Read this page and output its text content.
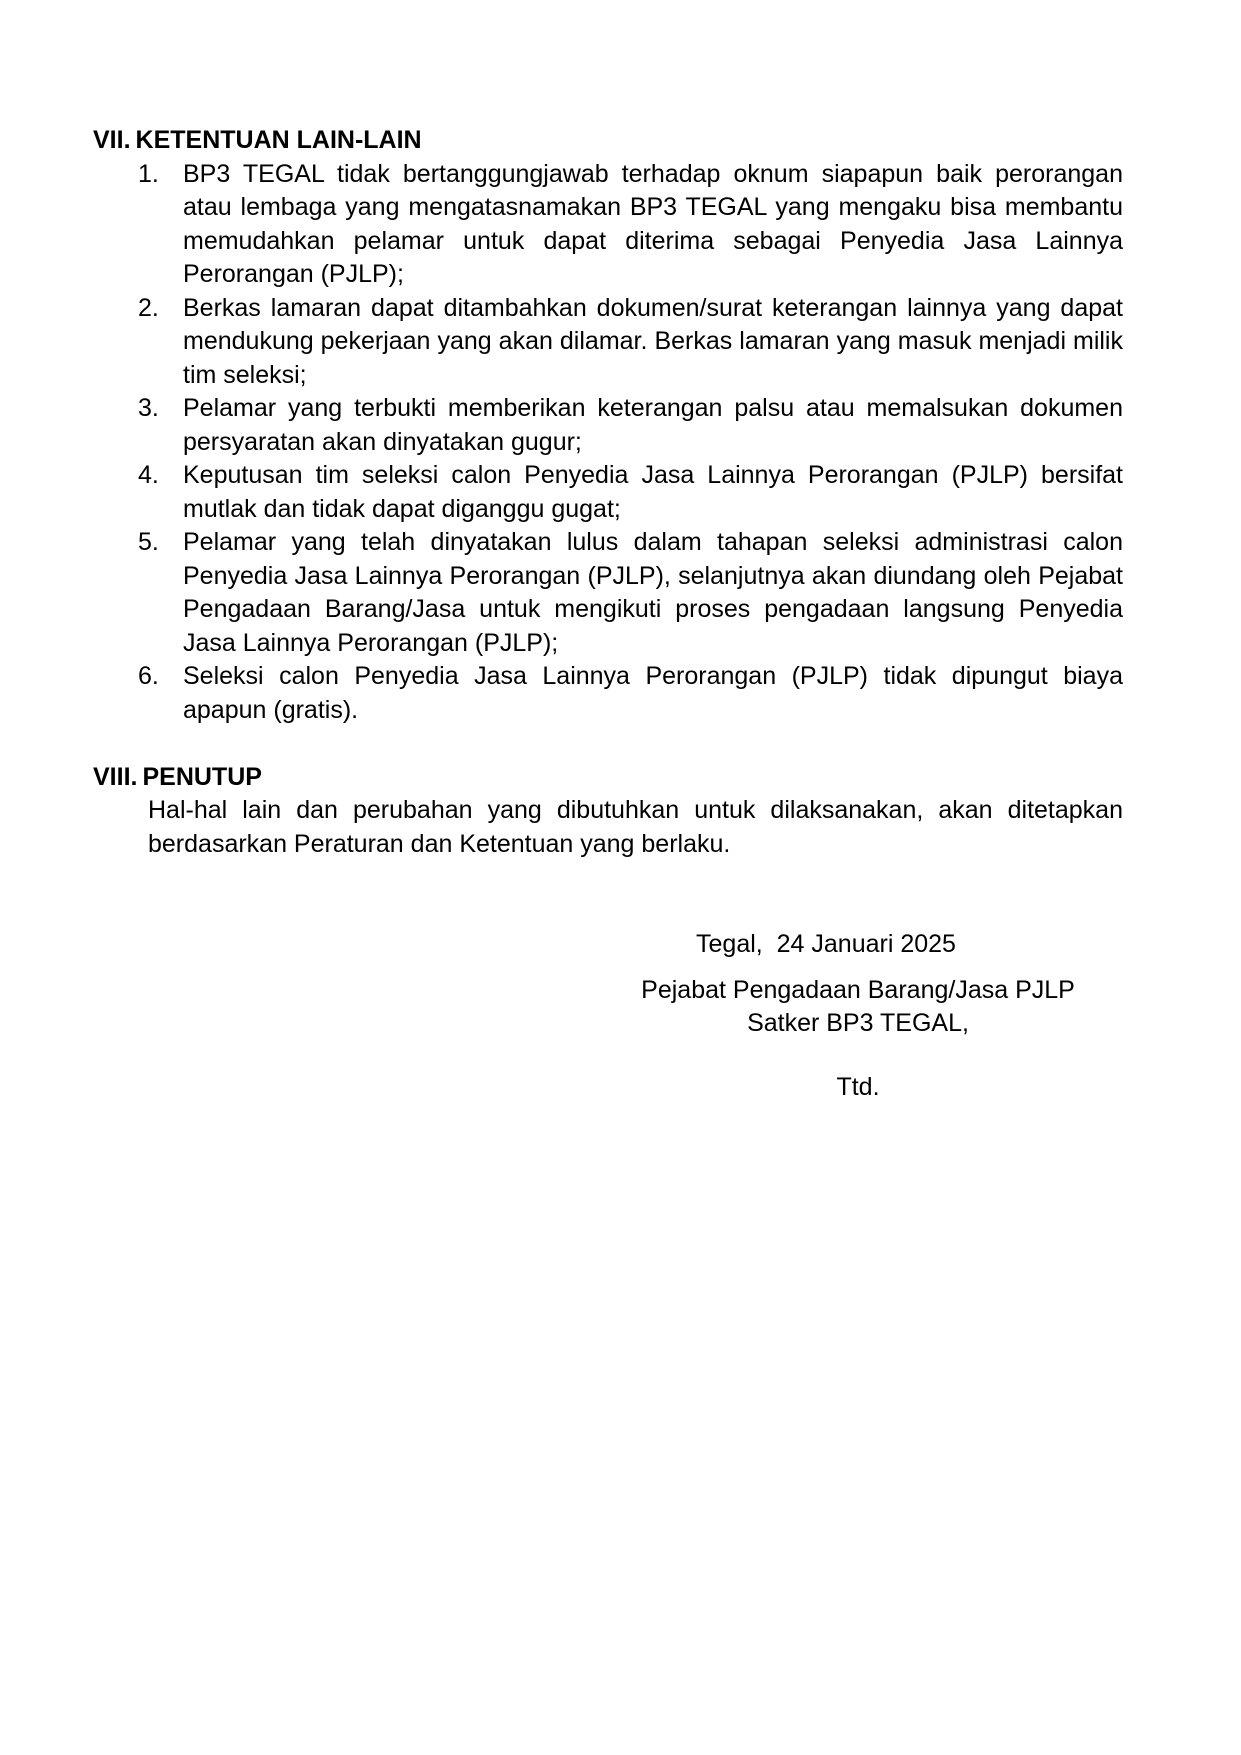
VII. KETENTUAN LAIN-LAIN
1. BP3 TEGAL tidak bertanggungjawab terhadap oknum siapapun baik perorangan atau lembaga yang mengatasnamakan BP3 TEGAL yang mengaku bisa membantu memudahkan pelamar untuk dapat diterima sebagai Penyedia Jasa Lainnya Perorangan (PJLP);

2. Berkas lamaran dapat ditambahkan dokumen/surat keterangan lainnya yang dapat mendukung pekerjaan yang akan dilamar. Berkas lamaran yang masuk menjadi milik tim seleksi;

3. Pelamar yang terbukti memberikan keterangan palsu atau memalsukan dokumen persyaratan akan dinyatakan gugur;

4. Keputusan tim seleksi calon Penyedia Jasa Lainnya Perorangan (PJLP) bersifat mutlak dan tidak dapat diganggu gugat;

5. Pelamar yang telah dinyatakan lulus dalam tahapan seleksi administrasi calon Penyedia Jasa Lainnya Perorangan (PJLP), selanjutnya akan diundang oleh Pejabat Pengadaan Barang/Jasa untuk mengikuti proses pengadaan langsung Penyedia Jasa Lainnya Perorangan (PJLP);

6. Seleksi calon Penyedia Jasa Lainnya Perorangan (PJLP) tidak dipungut biaya apapun (gratis).

VIII. PENUTUP

Hal-hal lain dan perubahan yang dibutuhkan untuk dilaksanakan, akan ditetapkan berdasarkan Peraturan dan Ketentuan yang berlaku.

Tegal,  24 Januari 2025
Pejabat Pengadaan Barang/Jasa PJLP
Satker BP3 TEGAL,
Ttd.
